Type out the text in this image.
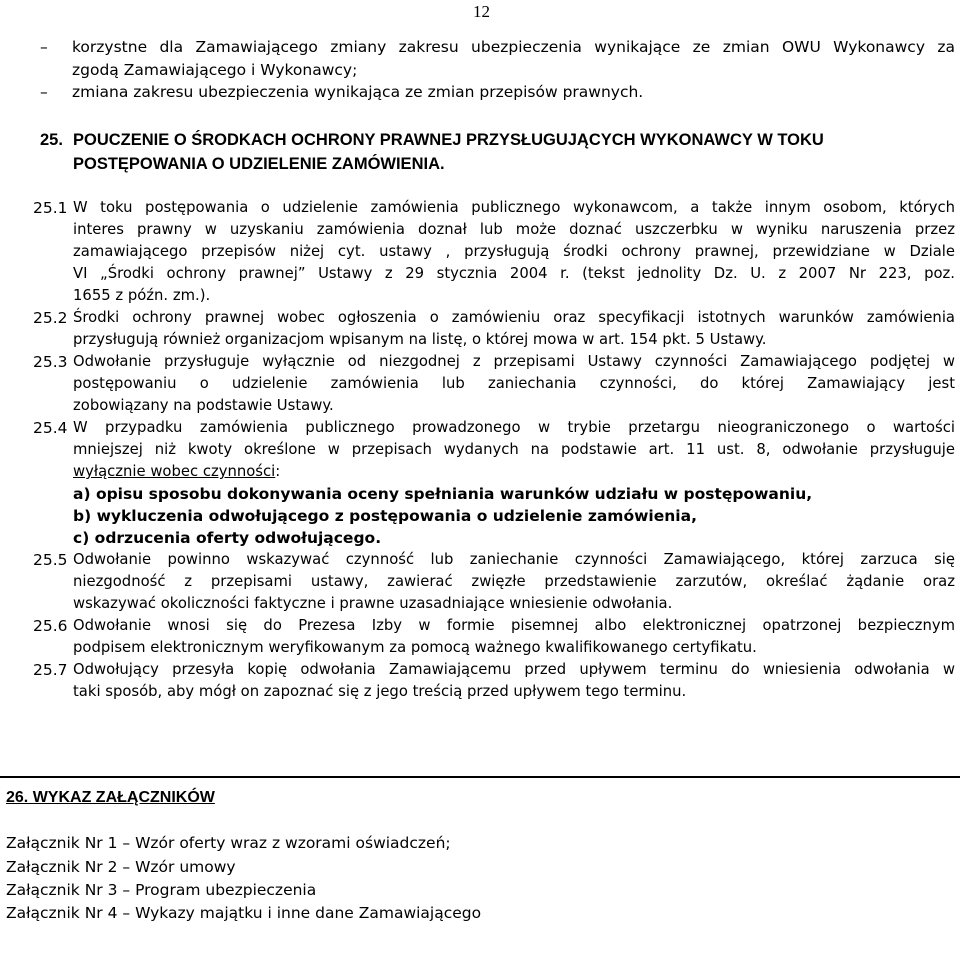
12
–	korzystne dla Zamawiającego zmiany zakresu ubezpieczenia wynikające ze zmian OWU Wykonawcy za
zgodą Zamawiającego i Wykonawcy;
–	zmiana zakresu ubezpieczenia wynikająca ze zmian przepisów prawnych.
25. POUCZENIE O ŚRODKACH OCHRONY PRAWNEJ PRZYSŁUGUJĄCYCH WYKONAWCY W TOKU
POSTĘPOWANIA O UDZIELENIE ZAMÓWIENIA.
25.1 W toku postępowania o udzielenie zamówienia publicznego wykonawcom, a także innym osobom, których
interes prawny w uzyskaniu zamówienia doznał lub może doznać uszczerbku w wyniku naruszenia przez
zamawiającego przepisów niżej cyt. ustawy , przysługują środki ochrony prawnej, przewidziane w Dziale
VI „Środki ochrony prawnej” Ustawy z 29 stycznia 2004 r. (tekst jednolity Dz. U. z 2007 Nr 223, poz.
1655 z późn. zm.).
25.2 Środki ochrony prawnej wobec ogłoszenia o zamówieniu oraz specyfikacji istotnych warunków zamówienia
przysługują również organizacjom wpisanym na listę, o której mowa w art. 154 pkt. 5 Ustawy.
25.3 Odwołanie przysługuje wyłącznie od niezgodnej z przepisami Ustawy czynności Zamawiającego podjętej w
postępowaniu o udzielenie zamówienia lub zaniechania czynności, do której Zamawiający jest
zobowiązany na podstawie Ustawy.
25.4 W przypadku zamówienia publicznego prowadzonego w trybie przetargu nieograniczonego o wartości
mniejszej niż kwoty określone w przepisach wydanych na podstawie art. 11 ust. 8, odwołanie przysługuje
wyłącznie wobec czynności:
a) opisu sposobu dokonywania oceny spełniania warunków udziału w postępowaniu,
b) wykluczenia odwołującego z postępowania o udzielenie zamówienia,
c) odrzucenia oferty odwołującego.
25.5 Odwołanie powinno wskazywać czynność lub zaniechanie czynności Zamawiającego, której zarzuca się
niezgodność z przepisami ustawy, zawierać zwięzłe przedstawienie zarzutów, określać żądanie oraz
wskazywać okoliczności faktyczne i prawne uzasadniające wniesienie odwołania.
25.6 Odwołanie wnosi się do Prezesa Izby w formie pisemnej albo elektronicznej opatrzonej bezpiecznym
podpisem elektronicznym weryfikowanym za pomocą ważnego kwalifikowanego certyfikatu.
25.7 Odwołujący przesyła kopię odwołania Zamawiającemu przed upływem terminu do wniesienia odwołania w
taki sposób, aby mógł on zapoznać się z jego treścią przed upływem tego terminu.
26. WYKAZ ZAŁĄCZNIKÓW
Załącznik Nr 1 – Wzór oferty wraz z wzorami oświadczeń;
Załącznik Nr 2 – Wzór umowy
Załącznik Nr 3 – Program ubezpieczenia
Załącznik Nr 4 – Wykazy majątku i inne dane Zamawiającego
